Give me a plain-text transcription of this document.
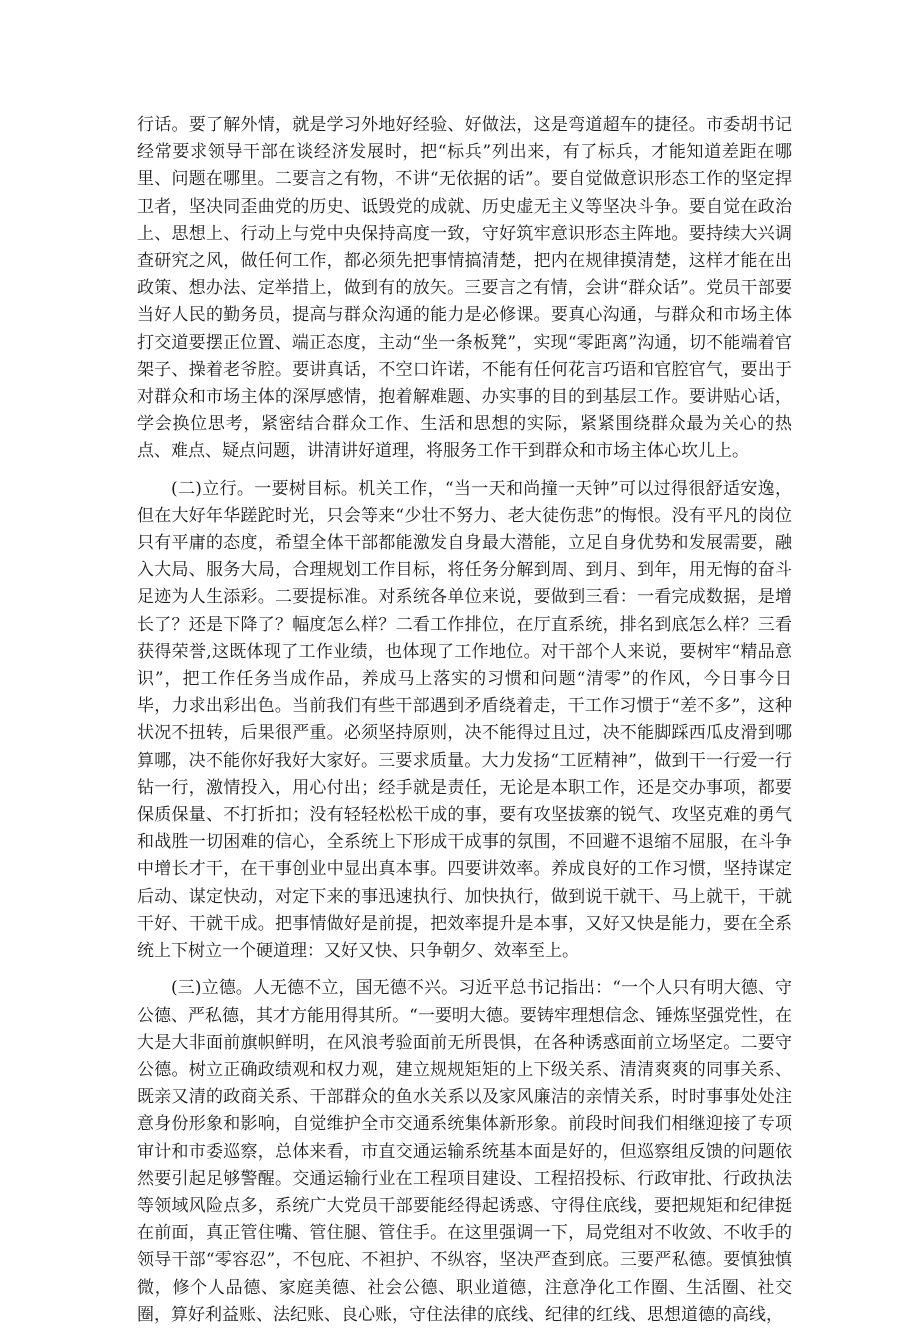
行话。要了解外情，就是学习外地好经验、好做法，这是弯道超车的捷径。市委胡书记经常要求领导干部在谈经济发展时，把“标兵”列出来，有了标兵，才能知道差距在哪里、问题在哪里。二要言之有物，不讲“无依据的话”。要自觉做意识形态工作的坚定捍卫者，坚决同歪曲党的历史、诋毁党的成就、历史虚无主义等坚决斗争。要自觉在政治上、思想上、行动上与党中央保持高度一致，守好筑牢意识形态主阵地。要持续大兴调查研究之风，做任何工作，都必须先把事情搞清楚，把内在规律摸清楚，这样才能在出政策、想办法、定举措上，做到有的放矢。三要言之有情，会讲“群众话”。党员干部要当好人民的勤务员，提高与群众沟通的能力是必修课。要真心沟通，与群众和市场主体打交道要摆正位置、端正态度，主动“坐一条板凳”，实现“零距离”沟通，切不能端着官架子、操着老爷腔。要讲真话，不空口许诺，不能有任何花言巧语和官腔官气，要出于对群众和市场主体的深厚感情，抱着解难题、办实事的目的到基层工作。要讲贴心话，学会换位思考，紧密结合群众工作、生活和思想的实际，紧紧围绕群众最为关心的热点、难点、疑点问题，讲清讲好道理，将服务工作干到群众和市场主体心坎儿上。

(二)立行。一要树目标。机关工作，“当一天和尚撞一天钟”可以过得很舒适安逸，但在大好年华蹉跎时光，只会等来“少壮不努力、老大徒伤悲”的悔恨。没有平凡的岗位只有平庸的态度，希望全体干部都能激发自身最大潜能，立足自身优势和发展需要，融入大局、服务大局，合理规划工作目标，将任务分解到周、到月、到年，用无悔的奋斗足迹为人生添彩。二要提标准。对系统各单位来说，要做到三看：一看完成数据，是增长了？还是下降了？幅度怎么样？二看工作排位，在厅直系统，排名到底怎么样？三看获得荣誉,这既体现了工作业绩，也体现了工作地位。对干部个人来说，要树牢“精品意识”，把工作任务当成作品，养成马上落实的习惯和问题“清零”的作风，今日事今日毕，力求出彩出色。当前我们有些干部遇到矛盾绕着走，干工作习惯于“差不多”，这种状况不扭转，后果很严重。必须坚持原则，决不能得过且过，决不能脚踩西瓜皮滑到哪算哪，决不能你好我好大家好。三要求质量。大力发扬“工匠精神”，做到干一行爱一行钻一行，激情投入，用心付出；经手就是责任，无论是本职工作，还是交办事项，都要保质保量、不打折扣；没有轻轻松松干成的事，要有攻坚拔寨的锐气、攻坚克难的勇气和战胜一切困难的信心，全系统上下形成干成事的氛围，不回避不退缩不屈服，在斗争中增长才干，在干事创业中显出真本事。四要讲效率。养成良好的工作习惯，坚持谋定后动、谋定快动，对定下来的事迅速执行、加快执行，做到说干就干、马上就干，干就干好、干就干成。把事情做好是前提，把效率提升是本事，又好又快是能力，要在全系统上下树立一个硬道理：又好又快、只争朝夕、效率至上。

(三)立德。人无德不立，国无德不兴。习近平总书记指出：“一个人只有明大德、守公德、严私德，其才方能用得其所。“一要明大德。要铸牢理想信念、锤炼坚强党性，在大是大非面前旗帜鲜明，在风浪考验面前无所畏惧，在各种诱惑面前立场坚定。二要守公德。树立正确政绩观和权力观，建立规规矩矩的上下级关系、清清爽爽的同事关系、既亲又清的政商关系、干部群众的鱼水关系以及家风廉洁的亲情关系，时时事事处处注意身份形象和影响，自觉维护全市交通系统集体新形象。前段时间我们相继迎接了专项审计和市委巡察，总体来看，市直交通运输系统基本面是好的，但巡察组反馈的问题依然要引起足够警醒。交通运输行业在工程项目建设、工程招投标、行政审批、行政执法等领域风险点多，系统广大党员干部要能经得起诱惑、守得住底线，要把规矩和纪律挺在前面，真正管住嘴、管住腿、管住手。在这里强调一下，局党组对不收敛、不收手的领导干部“零容忍”，不包庇、不袒护、不纵容，坚决严查到底。三要严私德。要慎独慎微，修个人品德、家庭美德、社会公德、职业道德，注意净化工作圈、生活圈、社交圈，算好利益账、法纪账、良心账，守住法律的底线、纪律的红线、思想道德的高线，
